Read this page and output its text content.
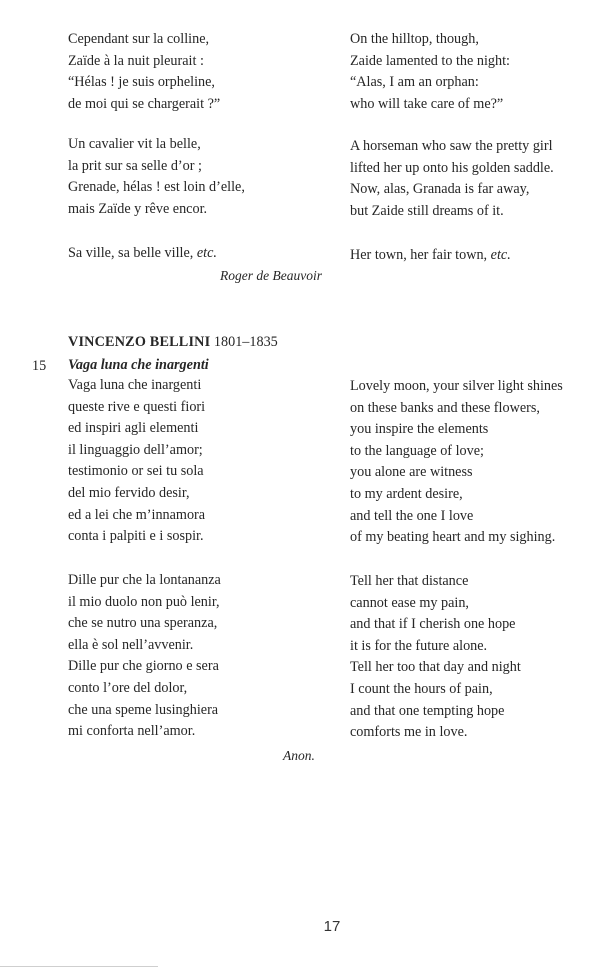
Cependant sur la colline,
Zaïde à la nuit pleurait :
“Hélas ! je suis orpheline,
de moi qui se chargerait ?”
On the hilltop, though,
Zaide lamented to the night:
“Alas, I am an orphan:
who will take care of me?”
Un cavalier vit la belle,
la prit sur sa selle d’or ;
Grenade, hélas ! est loin d’elle,
mais Zaïde y rêve encor.
A horseman who saw the pretty girl
lifted her up onto his golden saddle.
Now, alas, Granada is far away,
but Zaide still dreams of it.
Sa ville, sa belle ville, etc.	Her town, her fair town, etc.
Roger de Beauvoir
VINCENZO BELLINI 1801–1835
15 Vaga luna che inargenti
Vaga luna che inargenti
queste rive e questi fiori
ed inspiri agli elementi
il linguaggio dell’amor;
testimonio or sei tu sola
del mio fervido desir,
ed a lei che m’innamora
conta i palpiti e i sospir.
Lovely moon, your silver light shines
on these banks and these flowers,
you inspire the elements
to the language of love;
you alone are witness
to my ardent desire,
and tell the one I love
of my beating heart and my sighing.
Dille pur che la lontananza
il mio duolo non può lenir,
che se nutro una speranza,
ella è sol nell’avvenir.
Dille pur che giorno e sera
conto l’ore del dolor,
che una speme lusinghiera
mi conforta nell’amor.
Tell her that distance
cannot ease my pain,
and that if I cherish one hope
it is for the future alone.
Tell her too that day and night
I count the hours of pain,
and that one tempting hope
comforts me in love.
Anon.
17
